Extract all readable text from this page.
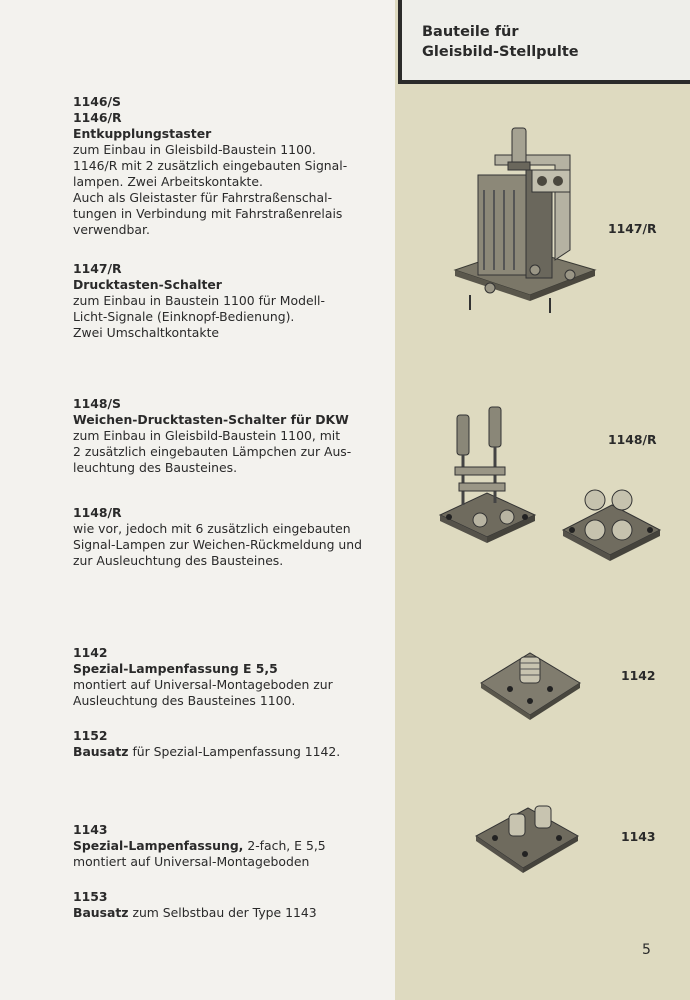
Bauteile für
Gleisbild-Stellpulte
1146/S
1146/R
Entkupplungstaster
zum Einbau in Gleisbild-Baustein 1100.
1146/R mit 2 zusätzlich eingebauten Signal-
lampen. Zwei Arbeitskontakte.
Auch als Gleistaster für Fahrstraßenschal-
tungen in Verbindung mit Fahrstraßenrelais
verwendbar.
1147/R
Drucktasten-Schalter
zum Einbau in Baustein 1100 für Modell-
Licht-Signale (Einknopf-Bedienung).
Zwei Umschaltkontakte
1148/S
Weichen-Drucktasten-Schalter für DKW
zum Einbau in Gleisbild-Baustein 1100, mit
2 zusätzlich eingebauten Lämpchen zur Aus-
leuchtung des Bausteines.
1148/R
wie vor, jedoch mit 6 zusätzlich eingebauten
Signal-Lampen zur Weichen-Rückmeldung und
zur Ausleuchtung des Bausteines.
1142
Spezial-Lampenfassung E 5,5
montiert auf Universal-Montageboden zur
Ausleuchtung des Bausteines 1100.
1152
Bausatz für Spezial-Lampenfassung 1142.
1143
Spezial-Lampenfassung, 2-fach, E 5,5
montiert auf Universal-Montageboden
1153
Bausatz zum Selbstbau der Type 1143
1147/R
1148/R
1142
1143
5
